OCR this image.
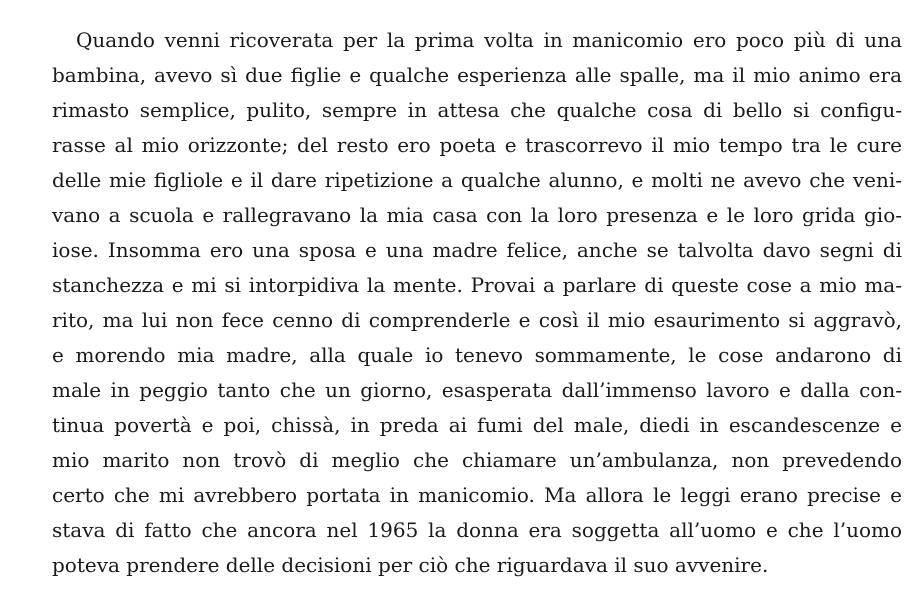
Quando venni ricoverata per la prima volta in manicomio ero poco più di una
bambina, avevo sì due figlie e qualche esperienza alle spalle, ma il mio animo era
rimasto semplice, pulito, sempre in attesa che qualche cosa di bello si configu-
rasse al mio orizzonte; del resto ero poeta e trascorrevo il mio tempo tra le cure
delle mie figliole e il dare ripetizione a qualche alunno, e molti ne avevo che veni-
vano a scuola e rallegravano la mia casa con la loro presenza e le loro grida gio-
iose. Insomma ero una sposa e una madre felice, anche se talvolta davo segni di
stanchezza e mi si intorpidiva la mente. Provai a parlare di queste cose a mio ma-
rito, ma lui non fece cenno di comprenderle e così il mio esaurimento si aggravò,
e morendo mia madre, alla quale io tenevo sommamente, le cose andarono di
male in peggio tanto che un giorno, esasperata dall’immenso lavoro e dalla con-
tinua povertà e poi, chissà, in preda ai fumi del male, diedi in escandescenze e
mio marito non trovò di meglio che chiamare un’ambulanza, non prevedendo
certo che mi avrebbero portata in manicomio. Ma allora le leggi erano precise e
stava di fatto che ancora nel 1965 la donna era soggetta all’uomo e che l’uomo
poteva prendere delle decisioni per ciò che riguardava il suo avvenire.
